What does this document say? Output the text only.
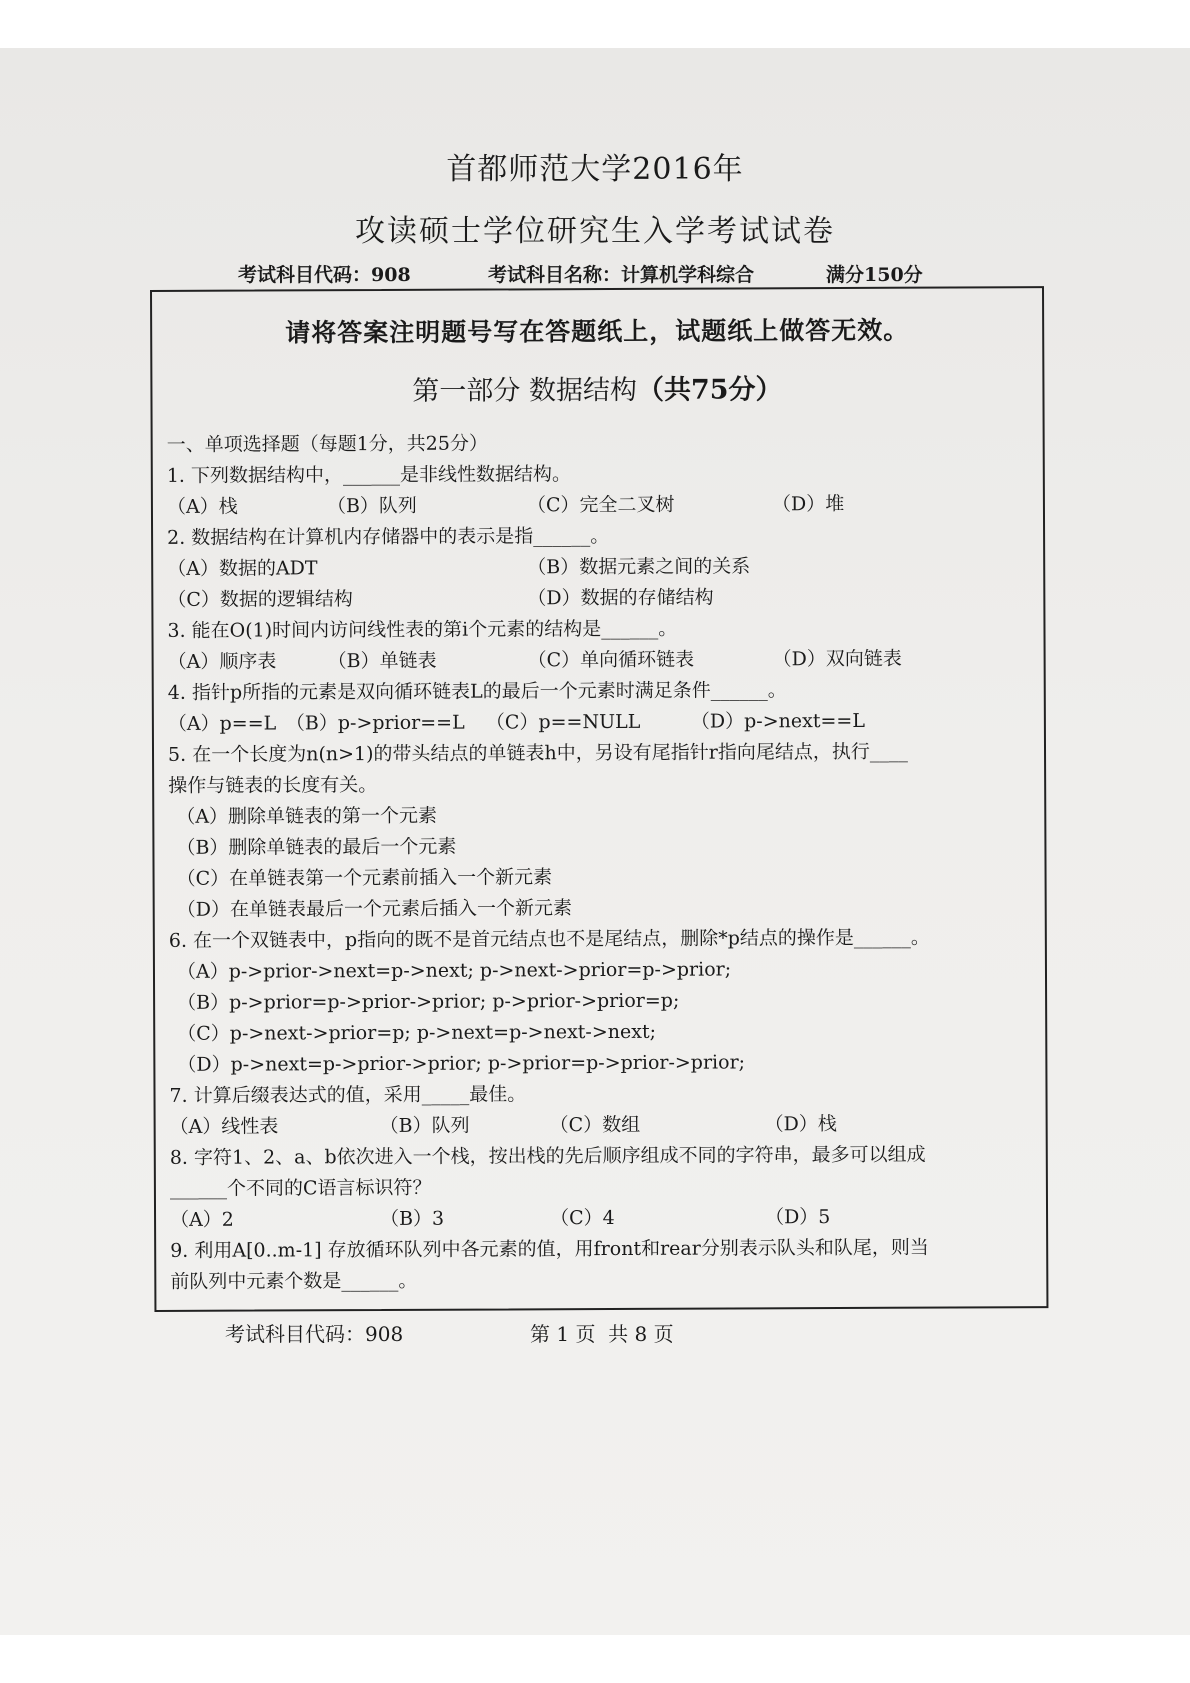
首都师范大学2016年
攻读硕士学位研究生入学考试试卷
考试科目代码：908	考试科目名称：计算机学科综合	满分150分
请将答案注明题号写在答题纸上，试题纸上做答无效。
第一部分 数据结构（共75分）
一、单项选择题（每题1分，共25分）
1. 下列数据结构中，______是非线性数据结构。
（A）栈	（B）队列	（C）完全二叉树	（D）堆
2. 数据结构在计算机内存储器中的表示是指______。
（A）数据的ADT	（B）数据元素之间的关系
（C）数据的逻辑结构	（D）数据的存储结构
3. 能在O(1)时间内访问线性表的第i个元素的结构是______。
（A）顺序表	（B）单链表	（C）单向循环链表	（D）双向链表
4. 指针p所指的元素是双向循环链表L的最后一个元素时满足条件______。
（A）p==L （B）p->prior==L	（C）p==NULL	（D）p->next==L
5. 在一个长度为n(n>1)的带头结点的单链表h中，另设有尾指针r指向尾结点，执行____
操作与链表的长度有关。
（A）删除单链表的第一个元素
（B）删除单链表的最后一个元素
（C）在单链表第一个元素前插入一个新元素
（D）在单链表最后一个元素后插入一个新元素
6. 在一个双链表中，p指向的既不是首元结点也不是尾结点，删除*p结点的操作是______。
（A）p->prior->next=p->next; p->next->prior=p->prior;
（B）p->prior=p->prior->prior; p->prior->prior=p;
（C）p->next->prior=p; p->next=p->next->next;
（D）p->next=p->prior->prior; p->prior=p->prior->prior;
7. 计算后缀表达式的值，采用_____最佳。
（A）线性表	（B）队列	（C）数组	（D）栈
8. 字符1、2、a、b依次进入一个栈，按出栈的先后顺序组成不同的字符串，最多可以组成
______个不同的C语言标识符？
（A）2	（B）3	（C）4	（D）5
9. 利用A[0..m-1] 存放循环队列中各元素的值，用front和rear分别表示队头和队尾，则当
前队列中元素个数是______。
考试科目代码：908	第 1 页  共 8 页
